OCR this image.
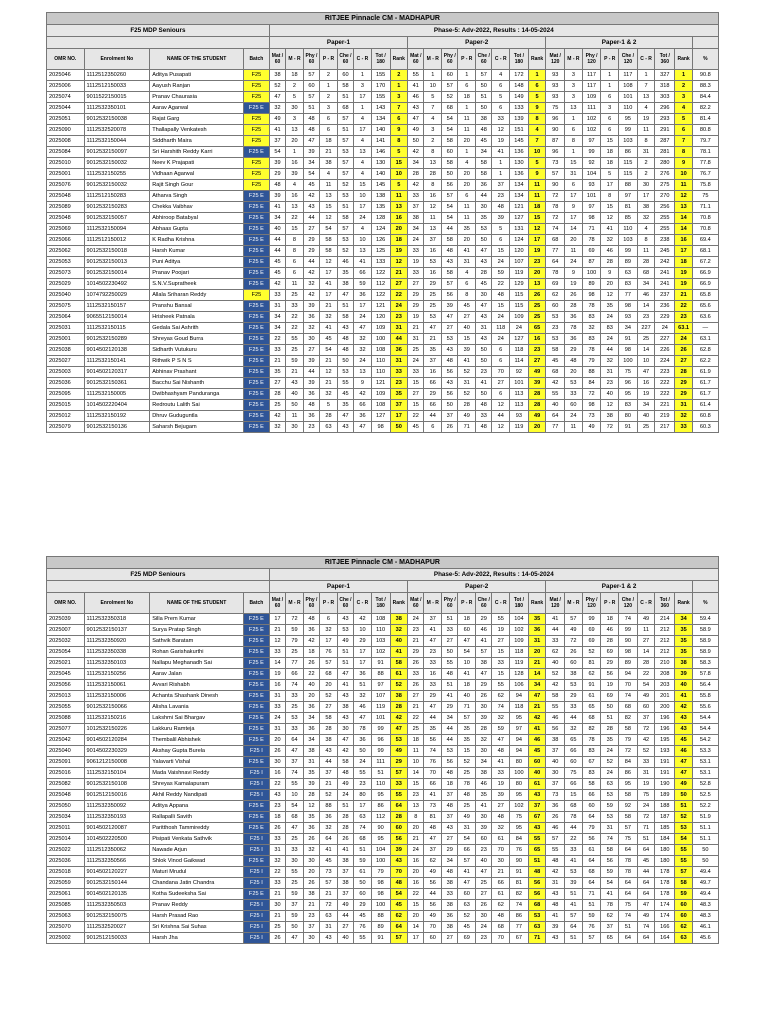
RITJEE Pinnacle CM - MADHAPUR																												
F25 MDP Seniours				Phase-5: Adv-2022, Results : 14-05-2024																								
				Paper-1								Paper-2								Paper-1 & 2								
OMR NO.	Enrolment No	NAME OF THE STUDENT	Batch	Mat / 60	M - R	Phy / 60	P - R	Che / 60	C - R	Tot / 180	Rank	Mat / 60	M - R	Phy / 60	P - R	Che / 60	C - R	Tot / 180	Rank	Mat / 120	M - R	Phy / 120	P - R	Che / 120	C - R	Tot / 360	Rank	%
2025046	1112512350260	Aditya Pusapati	F25	38	18	57	2	60	1	155	2	55	1	60	1	57	4	172	1	93	3	117	1	117	1	327	1	90.8
2025006	1112512150033	Aayush Ranjan	F25	52	2	60	1	58	3	170	1	41	10	57	6	50	6	148	6	93	3	117	1	108	7	318	2	88.3
2025074	9011522150015	Pranav Chaurasia	F25	47	5	57	2	51	17	155	3	46	5	52	18	51	5	149	5	93	3	109	6	101	13	303	3	84.4
2025044	1112532350101	Aarav Agarwal	F25 E	32	30	51	3	68	1	143	7	43	7	68	1	50	6	133	9	75	13	111	3	110	4	296	4	82.2
2025051	9012532150038	Rajat Garg	F25	49	3	48	6	57	4	134	6	47	4	54	11	38	33	139	8	96	1	102	6	95	19	293	5	81.4
2025090	1112532520078	Thallapally Venkatesh	F25	41	13	48	6	51	17	140	9	49	3	54	11	48	12	151	4	90	6	102	6	99	11	291	6	80.8
2025008	1112532150044	Siddharth Maira	F25	37	20	47	18	57	4	141	8	50	2	58	20	45	19	145	7	87	8	97	15	103	8	287	7	79.7
2025084	9012532150097	Sri Harshith Reddy Karri	F25 E	54	1	39	21	53	13	146	5	42	8	60	1	34	41	136	10	96	1	99	18	86	31	281	8	78.1
2025010	9012532150032	Neev K Prajapati	F25	39	16	34	38	57	4	130	15	34	13	58	4	58	1	130	5	73	15	92	18	115	2	280	9	77.8
2025001	1112532150255	Vidhaan Agarwal	F25	29	39	54	4	57	4	140	10	28	28	50	20	58	1	136	9	57	31	104	5	115	2	276	10	76.7
2025076	9012532150032	Rajit Singh Gour	F25	48	4	45	11	52	15	145	5	42	8	56	20	36	37	134	11	90	6	93	17	88	30	275	11	75.8
2025048	1112512150283	Atharva Singh	F25 E	39	16	42	13	53	10	138	11	33	16	57	6	44	23	134	11	72	17	101	8	97	17	270	12	75
2025089	9012532150283	Chekka Vaibhav	F25 E	41	13	43	15	51	17	135	13	37	12	54	11	30	48	121	18	78	9	97	15	81	38	256	13	71.1
2025048	9012532150057	Abhiroop Batabyal	F25 E	34	22	44	12	58	24	128	16	38	11	54	11	35	39	127	15	72	17	98	12	85	32	255	14	70.8
2025069	1112532150094	Abhaas Gupta	F25 E	40	15	27	54	57	4	124	20	34	13	44	35	53	5	131	12	74	14	71	41	110	4	255	14	70.8
2025066	1112512150012	K Radha Krishna	F25 E	44	8	29	58	53	10	126	18	24	37	58	20	50	6	124	17	68	20	78	32	103	8	238	16	69.4
2025062	9012532150018	Harsh Kumar	F25 E	44	8	29	58	52	13	125	19	33	16	48	41	47	15	120	19	77	11	69	46	99	11	245	17	68.1
2025053	9012532150013	Puni Aditya	F25 E	45	6	44	12	46	41	133	12	19	53	43	31	43	24	107	23	64	24	87	28	89	28	242	18	67.2
2025073	9012532150014	Pranav Poojari	F25 E	45	6	42	17	35	66	122	21	33	16	58	4	28	59	119	20	78	9	100	9	63	68	241	19	66.9
2025029	1014502230492	S.N.V.Supratheek	F25 E	42	11	32	41	38	59	112	27	27	29	57	6	45	22	129	13	69	19	89	20	83	34	241	19	66.9
2025040	1074792250029	Allala Sriharan Reddy	F25	33	25	42	17	47	36	122	22	29	25	56	8	30	48	115	26	62	26	98	12	77	46	237	21	65.8
2025075	1112532150157	Pranshu Bansal	F25 E	31	33	39	21	51	17	121	24	29	25	39	45	47	15	115	25	60	28	78	35	98	14	236	22	65.6
2025064	9065512150014	Hrisheek Patnala	F25 E	34	22	36	32	58	24	120	23	19	53	47	27	43	24	109	25	53	36	83	24	93	23	229	23	63.6
2025031	1112532150115	Gedala Sai Ashrith	F25 E	34	22	32	41	43	47	109	31	21	47	27	40	31	118	24	65	23	78	32	83	34	227	24	63.1	—
2025001	9012532150289	Shreyas Goud Burra	F25 E	22	55	30	45	48	32	100	44	31	21	53	15	43	24	127	16	53	36	83	24	91	25	227	24	63.1
2025038	9014502120138	Sidharth Vutukuru	F25 E	33	25	27	54	48	32	108	36	25	35	43	39	50	6	118	23	58	29	78	44	98	14	226	26	62.8
2025027	1112532150141	Rithwik P S N S	F25 E	21	59	39	21	50	24	110	31	24	37	48	41	50	6	114	27	45	48	79	32	100	10	224	27	62.2
2025003	9014502120317	Abhinav Prashant	F25 E	35	21	44	12	53	13	110	33	33	16	56	52	23	70	92	49	68	20	88	31	75	47	223	28	61.9
2025036	9012532150361	Bacchu Sai Nishanth	F25 E	27	43	39	21	55	9	121	23	15	66	43	31	41	27	101	39	42	53	84	23	96	16	222	29	61.7
2025095	1112532150005	Dwibhashyam Panduranga	F25 E	28	40	36	32	45	42	109	35	27	29	56	52	50	6	113	28	55	33	72	40	95	19	222	29	61.7
2025015	1014502220404	Redroutu Lalith Sai	F25 E	25	50	48	5	35	66	108	37	15	66	50	28	48	12	113	28	40	60	98	12	83	34	221	31	61.4
2025012	1112532150192	Dhruv Guduguntla	F25 E	42	11	36	28	47	36	127	17	22	44	37	49	33	44	93	49	64	24	73	38	80	40	219	32	60.8
2025079	9012532150136	Saharsh Bejugam	F25 E	32	30	23	63	43	47	98	50	45	6	26	71	48	12	119	20	77	11	49	72	91	25	217	33	60.3
RITJEE Pinnacle CM - MADHAPUR																												
F25 MDP Seniours				Phase-5: Adv-2022, Results : 14-05-2024																								
				Paper-1								Paper-2								Paper-1 & 2								
OMR NO.	Enrolment No	NAME OF THE STUDENT	Batch	Mat / 60	M - R	Phy / 60	P - R	Che / 60	C - R	Tot / 180	Rank	Mat / 60	M - R	Phy / 60	P - R	Che / 60	C - R	Tot / 180	Rank	Mat / 120	M - R	Phy / 120	P - R	Che / 120	C - R	Tot / 360	Rank	%
2025039	1112532350318	Silla Prem Kumar	F25 E	17	72	48	6	43	42	108	38	24	37	51	18	29	55	104	35	41	57	99	18	74	49	214	34	59.4
2025007	9012532150137	Surya Pratap Singh	F25 E	21	59	36	32	53	10	110	32	23	41	33	60	46	19	102	36	44	49	69	46	99	11	212	35	58.9
2025032	1112532350920	Sathvik Baratam	F25 E	12	79	42	17	49	29	103	40	21	47	27	47	41	27	109	31	33	72	69	28	90	27	212	35	58.9
2025054	1112532350338	Rohan Garishakurthi	F25 E	33	25	18	76	51	17	102	41	29	23	50	54	57	15	118	20	62	26	52	69	98	14	212	35	58.9
2025021	1112532350103	Nallapu Meghanadh Sai	F25 E	14	77	26	57	51	17	91	58	26	33	55	10	38	33	119	21	40	60	81	29	89	28	210	38	58.3
2025045	1112532150256	Aarav Jalan	F25 E	19	66	22	68	47	36	88	61	33	16	48	41	47	15	128	14	52	38	62	56	94	22	208	39	57.8
2025056	1112532150061	Avvari Rishabh	F25 E	16	74	40	20	41	51	97	52	26	33	51	18	29	55	106	34	42	53	91	19	70	54	203	40	56.4
2025013	1112532150006	Achanta Shashank Dinesh	F25 E	31	33	20	52	43	32	107	38	27	29	41	40	26	62	94	47	58	29	61	69	74	49	201	41	55.8
2025055	9012532150066	Alisha Lavania	F25 E	33	25	36	27	38	46	119	28	21	47	29	71	30	74	118	21	55	33	65	50	68	60	200	42	55.6
2025088	1112532150216	Lakshmi Sai Bhargav	F25 E	24	53	34	58	43	47	101	42	22	44	34	57	39	32	95	42	46	44	68	51	82	37	196	43	54.4
2025077	1012532150226	Lakkuru Ramteja	F25 E	31	33	36	28	30	78	99	47	25	35	44	35	28	59	97	41	56	32	82	28	58	72	196	43	54.4
2025042	9014502120284	Thembalil Abhishek	F25 E	20	64	34	38	47	36	96	53	18	56	44	35	32	47	94	46	38	65	78	35	79	42	195	45	54.2
2025040	9014502230329	Akshay Gupta Burela	F25 I	26	47	38	43	42	50	99	49	11	74	53	15	30	48	94	45	37	66	83	24	72	52	193	46	53.3
2025091	9061212150008	Yalavarti Vishal	F25 E	30	37	31	44	58	24	111	29	10	76	56	52	34	41	80	60	40	60	67	52	84	33	191	47	53.1
2025016	1112532150104	Mada Vaishnavi Reddy	F25 I	16	74	35	37	48	55	51	57	14	70	48	25	38	33	100	40	30	75	83	24	86	31	191	47	53.1
2025082	9012532150108	Shreyas Kamalapuram	F25 I	22	55	39	21	49	23	110	33	15	66	18	78	46	19	80	61	37	66	58	63	95	19	190	49	52.8
2025048	9012512150016	Akhil Reddy Nandipati	F25 I	43	10	28	52	24	80	95	55	23	41	37	48	35	39	95	43	73	15	66	53	58	75	189	50	52.5
2025050	1112532350092	Aditya Appana	F25 E	23	54	12	88	51	17	86	64	13	73	48	25	41	27	102	37	36	68	60	59	92	24	188	51	52.2
2025034	1112532350193	Rallapalli Savith	F25 E	18	68	35	36	28	63	112	28	8	81	37	49	30	48	75	67	26	78	64	53	58	72	187	52	51.9
2025011	9014502120087	Paritthosh Tammireddy	F25 E	26	47	36	32	28	74	90	60	20	48	43	31	39	32	95	43	46	44	79	31	57	71	185	53	51.1
2025014	1014502220500	Pisipati Venkata Sathvik	F25 I	33	25	26	64	26	68	95	56	21	47	27	54	60	61	84	55	57	22	56	74	75	51	184	54	51.1
2025022	1112512350062	Nawade Arjun	F25 I	31	33	32	41	41	51	104	39	24	37	29	66	23	70	76	65	55	33	61	58	64	64	180	55	50
2025036	1112532350566	Shlok Vinod Gaikwad	F25 E	32	30	30	45	38	59	100	43	16	62	34	57	40	30	90	51	48	41	64	56	78	45	180	55	50
2025018	9014502120227	Maturi Mrudul	F25 I	22	55	20	73	37	61	79	70	20	49	48	41	47	21	91	48	42	53	68	59	78	44	178	57	49.4
2025059	9012532150144	Chandana Jatin Chandra	F25 I	33	25	26	57	38	50	98	48	16	56	38	47	25	66	81	56	31	39	64	54	64	64	178	58	49.7
2025061	9014502120135	Kotha Sudeeksha Sai	F25 E	21	59	38	21	37	60	98	54	22	44	33	60	27	61	82	56	43	51	71	41	64	64	178	59	49.4
2025085	1112532350503	Pranav Reddy	F25 I	30	37	21	72	49	29	100	45	15	56	38	63	26	62	74	68	48	41	51	78	75	47	174	60	48.3
2025063	9012532150075	Harsh Prasad Rao	F25 I	21	59	23	63	44	45	88	62	20	49	36	52	30	48	86	53	41	57	59	62	74	49	174	60	48.3
2025070	1112532520027	Sri Krishna Sai Suhas	F25 I	25	50	37	31	27	76	89	64	14	70	38	45	24	68	77	63	39	64	76	37	51	74	166	62	46.1
2025002	9012512150033	Harsh Jha	F25 I	26	47	30	43	40	55	91	57	17	60	27	69	23	70	67	71	43	51	57	65	64	64	164	63	45.6
